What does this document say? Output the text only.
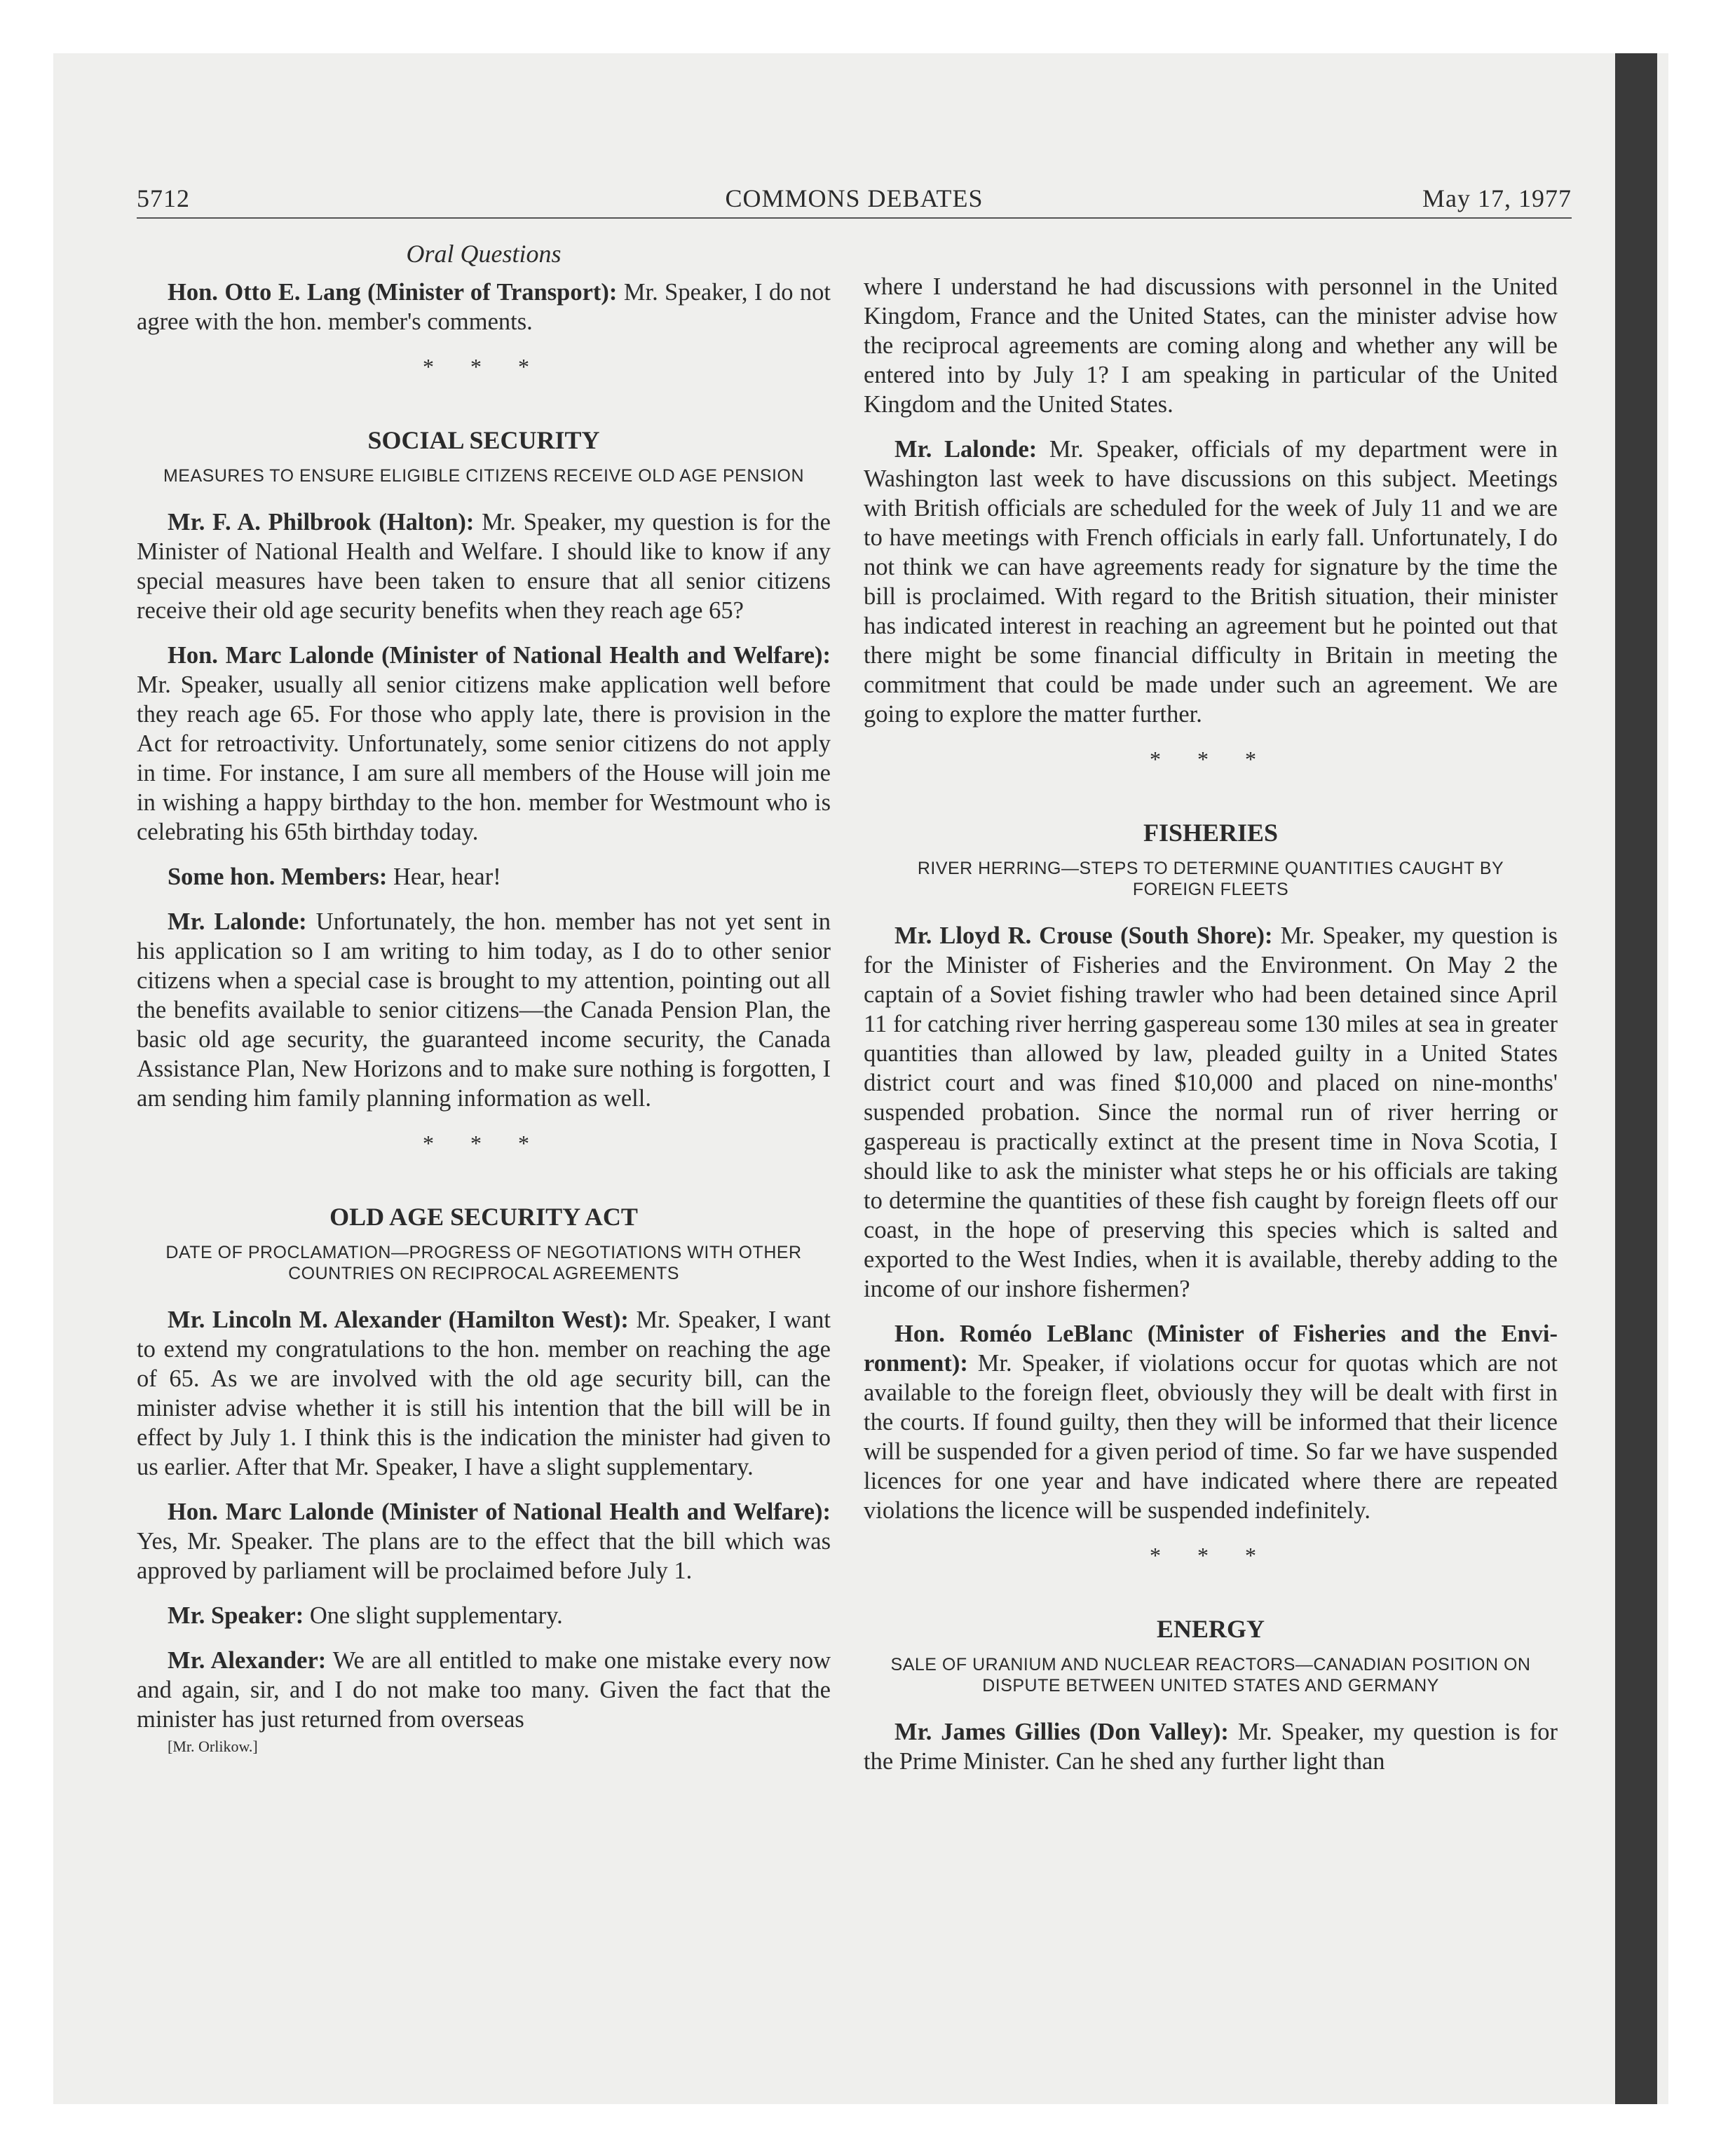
5712	COMMONS DEBATES	May 17, 1977
Oral Questions

Hon. Otto E. Lang (Minister of Transport): Mr. Speaker, I do not agree with the hon. member's comments.

* * *
SOCIAL SECURITY
MEASURES TO ENSURE ELIGIBLE CITIZENS RECEIVE OLD AGE PENSION

Mr. F. A. Philbrook (Halton): Mr. Speaker, my question is for the Minister of National Health and Welfare. I should like to know if any special measures have been taken to ensure that all senior citizens receive their old age security benefits when they reach age 65?

Hon. Marc Lalonde (Minister of National Health and Welfare): Mr. Speaker, usually all senior citizens make application well before they reach age 65. For those who apply late, there is provision in the Act for retroactivity. Unfortunately, some senior citizens do not apply in time. For instance, I am sure all members of the House will join me in wishing a happy birthday to the hon. member for Westmount who is celebrating his 65th birthday today.

Some hon. Members: Hear, hear!

Mr. Lalonde: Unfortunately, the hon. member has not yet sent in his application so I am writing to him today, as I do to other senior citizens when a special case is brought to my attention, pointing out all the benefits available to senior citizens—the Canada Pension Plan, the basic old age security, the guaranteed income security, the Canada Assistance Plan, New Horizons and to make sure nothing is forgotten, I am sending him family planning information as well.

* * *
OLD AGE SECURITY ACT
DATE OF PROCLAMATION—PROGRESS OF NEGOTIATIONS WITH OTHER COUNTRIES ON RECIPROCAL AGREEMENTS

Mr. Lincoln M. Alexander (Hamilton West): Mr. Speaker, I want to extend my congratulations to the hon. member on reaching the age of 65. As we are involved with the old age security bill, can the minister advise whether it is still his intention that the bill will be in effect by July 1. I think this is the indication the minister had given to us earlier. After that Mr. Speaker, I have a slight supplementary.

Hon. Marc Lalonde (Minister of National Health and Welfare): Yes, Mr. Speaker. The plans are to the effect that the bill which was approved by parliament will be proclaimed before July 1.

Mr. Speaker: One slight supplementary.

Mr. Alexander: We are all entitled to make one mistake every now and again, sir, and I do not make too many. Given the fact that the minister has just returned from overseas

[Mr. Orlikow.]

where I understand he had discussions with personnel in the United Kingdom, France and the United States, can the minister advise how the reciprocal agreements are coming along and whether any will be entered into by July 1? I am speaking in particular of the United Kingdom and the United States.

Mr. Lalonde: Mr. Speaker, officials of my department were in Washington last week to have discussions on this subject. Meetings with British officials are scheduled for the week of July 11 and we are to have meetings with French officials in early fall. Unfortunately, I do not think we can have agreements ready for signature by the time the bill is proclaimed. With regard to the British situation, their minister has indicated interest in reaching an agreement but he pointed out that there might be some financial difficulty in Britain in meeting the commitment that could be made under such an agreement. We are going to explore the matter further.

* * *
FISHERIES
RIVER HERRING—STEPS TO DETERMINE QUANTITIES CAUGHT BY FOREIGN FLEETS

Mr. Lloyd R. Crouse (South Shore): Mr. Speaker, my question is for the Minister of Fisheries and the Environment. On May 2 the captain of a Soviet fishing trawler who had been detained since April 11 for catching river herring gaspereau some 130 miles at sea in greater quantities than allowed by law, pleaded guilty in a United States district court and was fined $10,000 and placed on nine-months' suspended probation. Since the normal run of river herring or gaspereau is practically extinct at the present time in Nova Scotia, I should like to ask the minister what steps he or his officials are taking to determine the quantities of these fish caught by foreign fleets off our coast, in the hope of preserving this species which is salted and exported to the West Indies, when it is available, thereby adding to the income of our inshore fishermen?

Hon. Roméo LeBlanc (Minister of Fisheries and the Environment): Mr. Speaker, if violations occur for quotas which are not available to the foreign fleet, obviously they will be dealt with first in the courts. If found guilty, then they will be informed that their licence will be suspended for a given period of time. So far we have suspended licences for one year and have indicated where there are repeated violations the licence will be suspended indefinitely.

* * *
ENERGY
SALE OF URANIUM AND NUCLEAR REACTORS—CANADIAN POSITION ON DISPUTE BETWEEN UNITED STATES AND GERMANY

Mr. James Gillies (Don Valley): Mr. Speaker, my question is for the Prime Minister. Can he shed any further light than
